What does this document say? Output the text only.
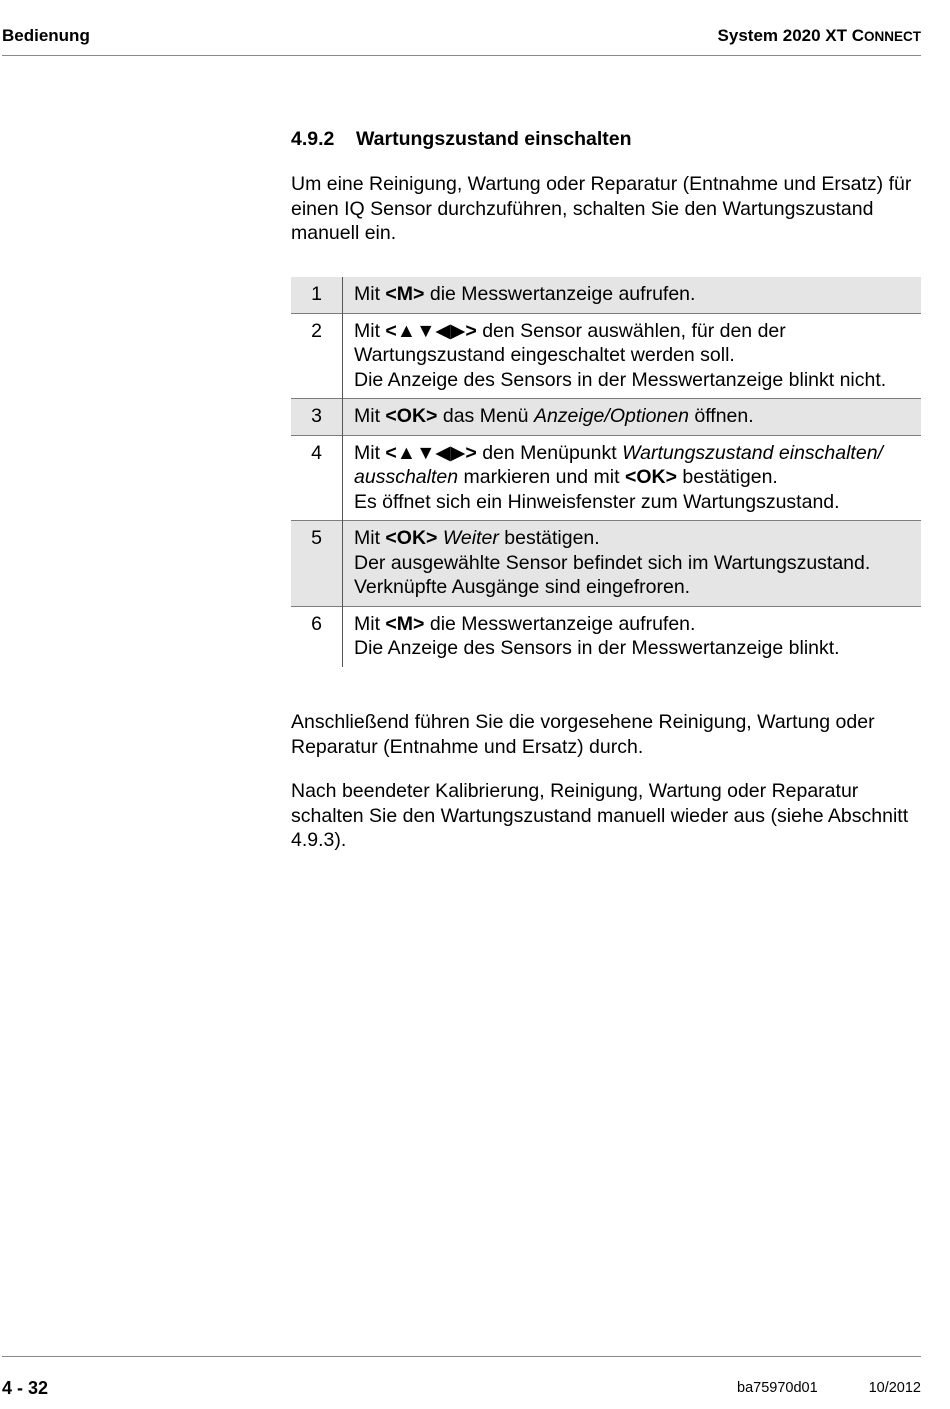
Bedienung	System 2020 XT CONNECT
4.9.2	Wartungszustand einschalten

Um eine Reinigung, Wartung oder Reparatur (Entnahme und Ersatz) für einen IQ Sensor durchzuführen, schalten Sie den Wartungszustand manuell ein.

1	Mit <M> die Messwertanzeige aufrufen.
2	Mit <▲▼◀▶> den Sensor auswählen, für den der
Wartungszustand eingeschaltet werden soll.
Die Anzeige des Sensors in der Messwertanzeige blinkt nicht.
3	Mit <OK> das Menü Anzeige/Optionen öffnen.
4	Mit <▲▼◀▶> den Menüpunkt Wartungszustand einschalten/
ausschalten markieren und mit <OK> bestätigen.
Es öffnet sich ein Hinweisfenster zum Wartungszustand.
5	Mit <OK> Weiter bestätigen.
Der ausgewählte Sensor befindet sich im Wartungszustand.
Verknüpfte Ausgänge sind eingefroren.
6	Mit <M> die Messwertanzeige aufrufen.
Die Anzeige des Sensors in der Messwertanzeige blinkt.

Anschließend führen Sie die vorgesehene Reinigung, Wartung oder Reparatur (Entnahme und Ersatz) durch.

Nach beendeter Kalibrierung, Reinigung, Wartung oder Reparatur schalten Sie den Wartungszustand manuell wieder aus (siehe Abschnitt 4.9.3).

4 - 32	ba75970d01	10/2012
